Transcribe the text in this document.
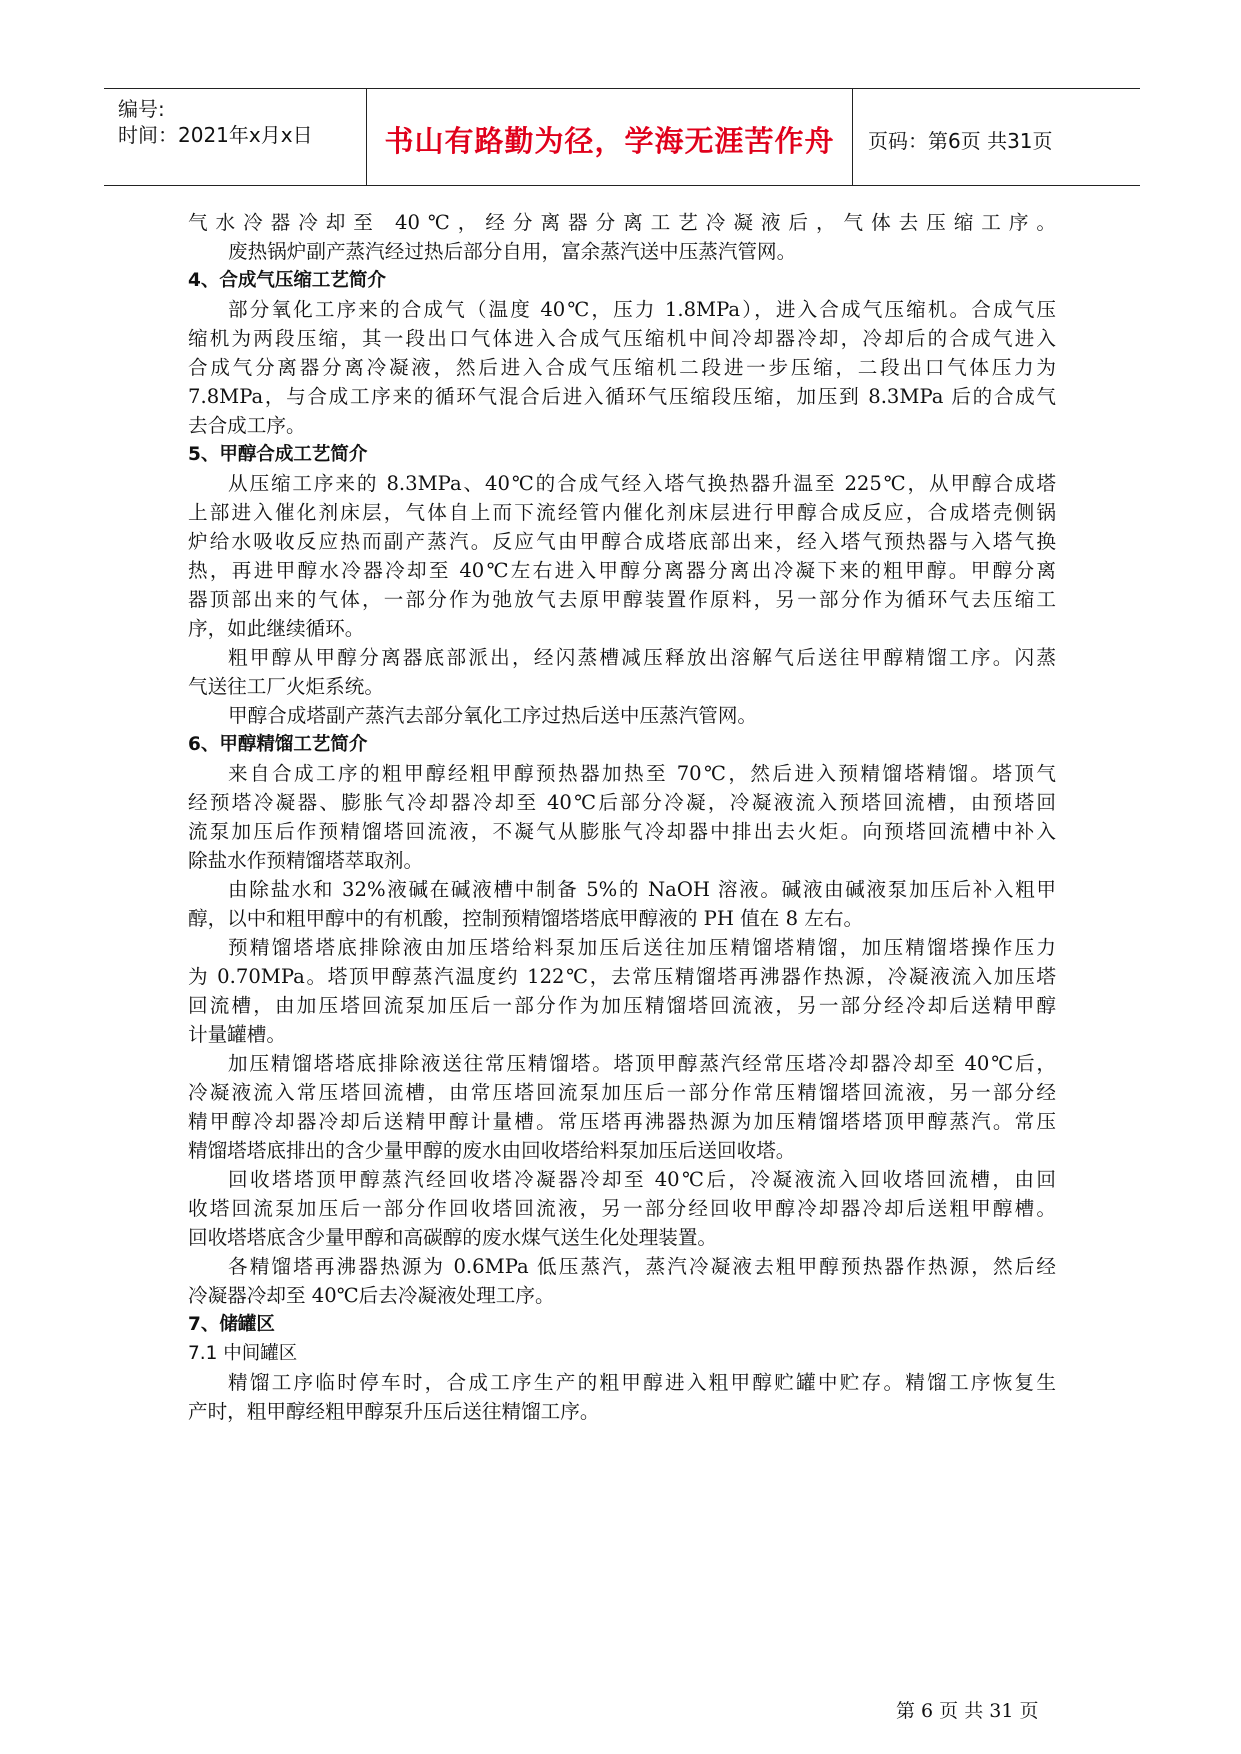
编号:
时间：2021年x月x日	书山有路勤为径，学海无涯苦作舟	页码：第6页 共31页
气水冷器冷却至 40℃，经分离器分离工艺冷凝液后，气体去压缩工序。
废热锅炉副产蒸汽经过热后部分自用，富余蒸汽送中压蒸汽管网。
4、合成气压缩工艺简介
部分氧化工序来的合成气（温度 40℃，压力 1.8MPa），进入合成气压缩机。合成气压
缩机为两段压缩，其一段出口气体进入合成气压缩机中间冷却器冷却，冷却后的合成气进入
合成气分离器分离冷凝液，然后进入合成气压缩机二段进一步压缩，二段出口气体压力为
7.8MPa，与合成工序来的循环气混合后进入循环气压缩段压缩，加压到 8.3MPa 后的合成气
去合成工序。
5、甲醇合成工艺简介
从压缩工序来的 8.3MPa、40℃的合成气经入塔气换热器升温至 225℃，从甲醇合成塔
上部进入催化剂床层，气体自上而下流经管内催化剂床层进行甲醇合成反应，合成塔壳侧锅
炉给水吸收反应热而副产蒸汽。反应气由甲醇合成塔底部出来，经入塔气预热器与入塔气换
热，再进甲醇水冷器冷却至 40℃左右进入甲醇分离器分离出冷凝下来的粗甲醇。甲醇分离
器顶部出来的气体，一部分作为弛放气去原甲醇装置作原料，另一部分作为循环气去压缩工
序，如此继续循环。
粗甲醇从甲醇分离器底部派出，经闪蒸槽减压释放出溶解气后送往甲醇精馏工序。闪蒸
气送往工厂火炬系统。
甲醇合成塔副产蒸汽去部分氧化工序过热后送中压蒸汽管网。
6、甲醇精馏工艺简介
来自合成工序的粗甲醇经粗甲醇预热器加热至 70℃，然后进入预精馏塔精馏。塔顶气
经预塔冷凝器、膨胀气冷却器冷却至 40℃后部分冷凝，冷凝液流入预塔回流槽，由预塔回
流泵加压后作预精馏塔回流液，不凝气从膨胀气冷却器中排出去火炬。向预塔回流槽中补入
除盐水作预精馏塔萃取剂。
由除盐水和 32%液碱在碱液槽中制备 5%的 NaOH 溶液。碱液由碱液泵加压后补入粗甲
醇，以中和粗甲醇中的有机酸，控制预精馏塔塔底甲醇液的 PH 值在 8 左右。
预精馏塔塔底排除液由加压塔给料泵加压后送往加压精馏塔精馏，加压精馏塔操作压力
为 0.70MPa。塔顶甲醇蒸汽温度约 122℃，去常压精馏塔再沸器作热源，冷凝液流入加压塔
回流槽，由加压塔回流泵加压后一部分作为加压精馏塔回流液，另一部分经冷却后送精甲醇
计量罐槽。
加压精馏塔塔底排除液送往常压精馏塔。塔顶甲醇蒸汽经常压塔冷却器冷却至 40℃后，
冷凝液流入常压塔回流槽，由常压塔回流泵加压后一部分作常压精馏塔回流液，另一部分经
精甲醇冷却器冷却后送精甲醇计量槽。常压塔再沸器热源为加压精馏塔塔顶甲醇蒸汽。常压
精馏塔塔底排出的含少量甲醇的废水由回收塔给料泵加压后送回收塔。
回收塔塔顶甲醇蒸汽经回收塔冷凝器冷却至 40℃后，冷凝液流入回收塔回流槽，由回
收塔回流泵加压后一部分作回收塔回流液，另一部分经回收甲醇冷却器冷却后送粗甲醇槽。
回收塔塔底含少量甲醇和高碳醇的废水煤气送生化处理装置。
各精馏塔再沸器热源为 0.6MPa 低压蒸汽，蒸汽冷凝液去粗甲醇预热器作热源，然后经
冷凝器冷却至 40℃后去冷凝液处理工序。
7、储罐区
7.1 中间罐区
精馏工序临时停车时，合成工序生产的粗甲醇进入粗甲醇贮罐中贮存。精馏工序恢复生
产时，粗甲醇经粗甲醇泵升压后送往精馏工序。
第 6 页 共 31 页
